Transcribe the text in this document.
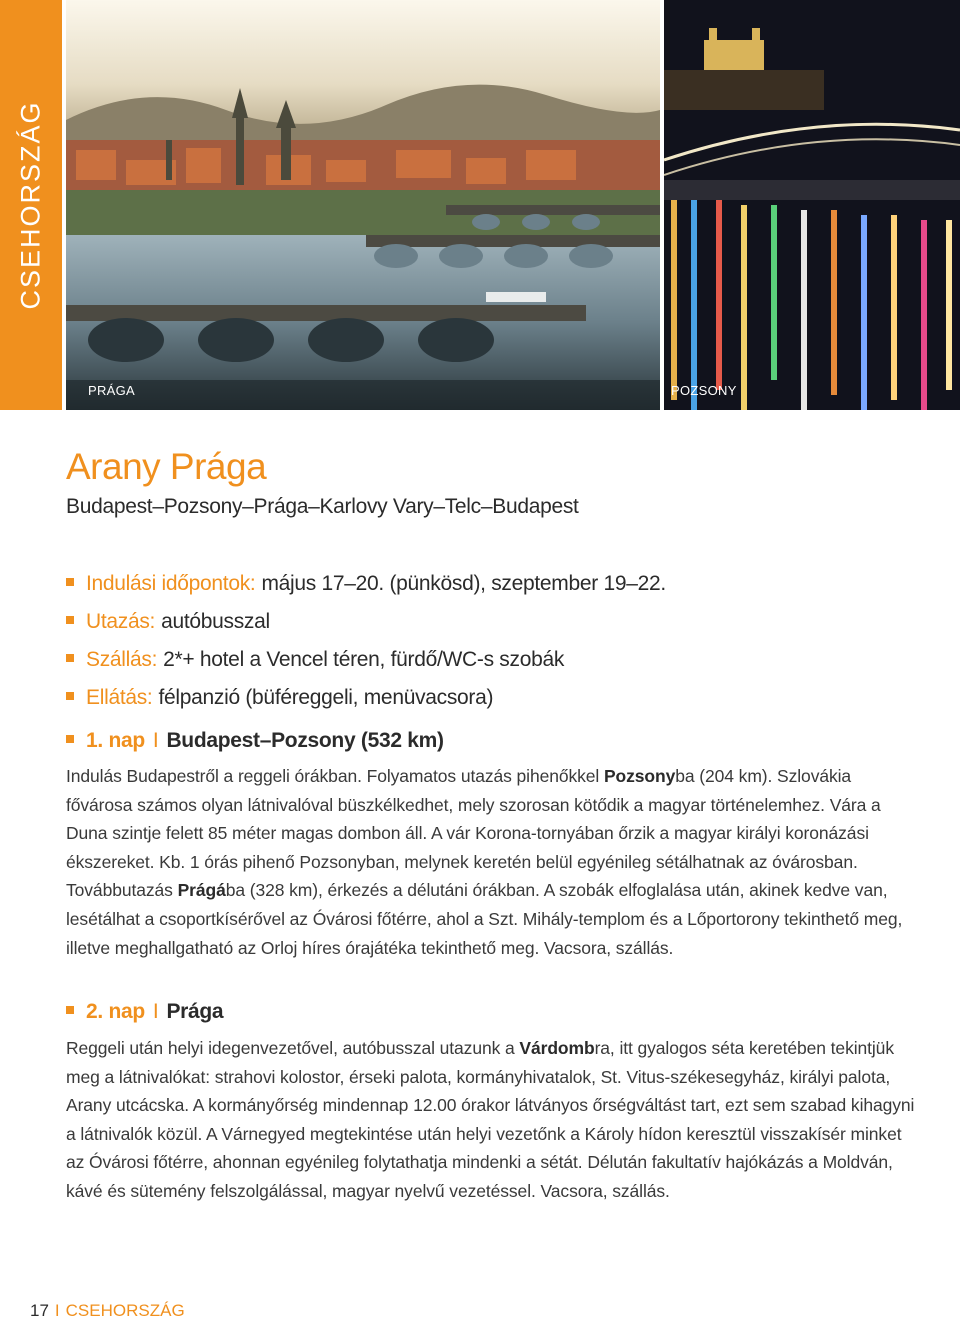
CSEHORSZÁG
PRÁGA	POZSONY
Arany Prága
Budapest–Pozsony–Prága–Karlovy Vary–Telc–Budapest
Indulási időpontok: május 17–20. (pünkösd), szeptember 19–22.
Utazás: autóbusszal
Szállás: 2*+ hotel a Vencel téren, fürdő/WC-s szobák
Ellátás: félpanzió (büféreggeli, menüvacsora)
1. nap I Budapest–Pozsony (532 km)
Indulás Budapestről a reggeli órákban. Folyamatos utazás pihenőkkel Pozsonyba (204 km). Szlovákia fővárosa számos olyan látnivalóval büszkélkedhet, mely szorosan kötődik a magyar történelemhez. Vára a Duna szintje felett 85 méter magas dombon áll. A vár Korona-tornyában őrzik a magyar királyi koronázási ékszereket. Kb. 1 órás pihenő Pozsonyban, melynek keretén belül egyénileg sétálhatnak az óvárosban. Továbbutazás Prágába (328 km), érkezés a délutáni órákban. A szobák elfoglalása után, akinek kedve van, lesétálhat a csoportkísérővel az Óvárosi főtérre, ahol a Szt. Mihály-templom és a Lőportorony tekinthető meg, illetve meghallgatható az Orloj híres órajátéka tekinthető meg. Vacsora, szállás.
2. nap I Prága
Reggeli után helyi idegenvezetővel, autóbusszal utazunk a Várdombra, itt gyalogos séta keretében tekintjük meg a látnivalókat: strahovi kolostor, érseki palota, kormányhivatalok, St. Vitus-székesegyház, királyi palota, Arany utcácska. A kormányőrség mindennap 12.00 órakor látványos őrségváltást tart, ezt sem szabad kihagyni a látnivalók közül. A Várnegyed megtekintése után helyi vezetőnk a Károly hídon keresztül visszakísér minket az Óvárosi főtérre, ahonnan egyénileg folytathatja mindenki a sétát. Délután fakultatív hajókázás a Moldván, kávé és sütemény felszolgálással, magyar nyelvű vezetéssel. Vacsora, szállás.
17 I CSEHORSZÁG
